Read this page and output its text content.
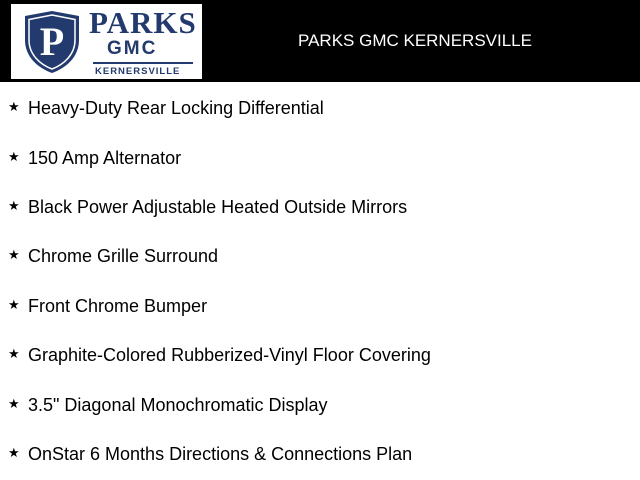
P PARKS
GMC
KERNERSVILLE
PARKS GMC KERNERSVILLE
★ Heavy-Duty Rear Locking Differential
★ 150 Amp Alternator
★ Black Power Adjustable Heated Outside Mirrors
★ Chrome Grille Surround
★ Front Chrome Bumper
★ Graphite-Colored Rubberized-Vinyl Floor Covering
★ 3.5" Diagonal Monochromatic Display
★ OnStar 6 Months Directions & Connections Plan
